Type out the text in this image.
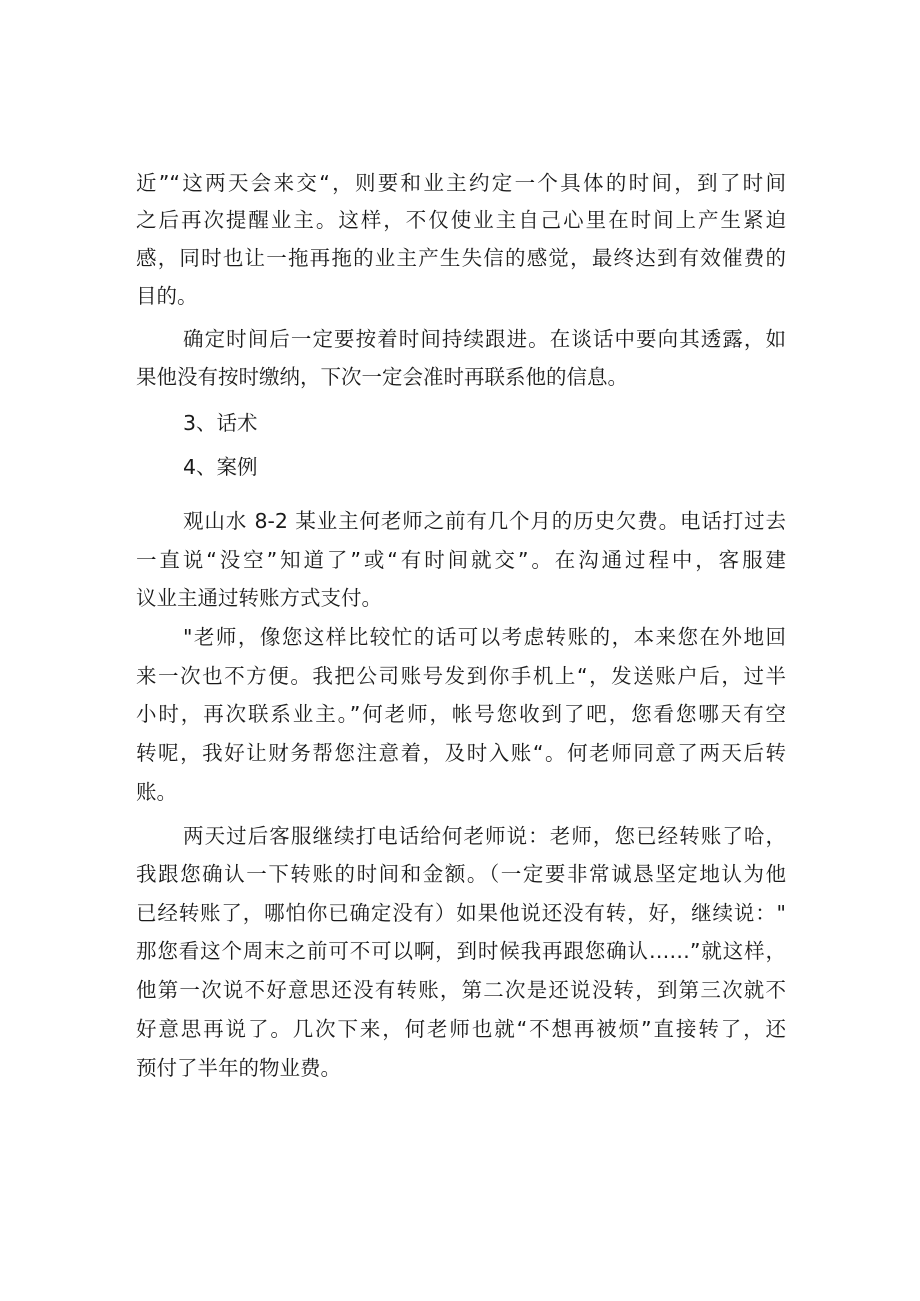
近”“这两天会来交“，则要和业主约定一个具体的时间，到了时间
之后再次提醒业主。这样，不仅使业主自己心里在时间上产生紧迫
感，同时也让一拖再拖的业主产生失信的感觉，最终达到有效催费的
目的。
确定时间后一定要按着时间持续跟进。在谈话中要向其透露，如
果他没有按时缴纳，下次一定会准时再联系他的信息。
3、话术
4、案例
观山水 8-2 某业主何老师之前有几个月的历史欠费。电话打过去
一直说“没空”知道了”或“有时间就交”。在沟通过程中，客服建
议业主通过转账方式支付。
"老师，像您这样比较忙的话可以考虑转账的，本来您在外地回
来一次也不方便。我把公司账号发到你手机上“，发送账户后，过半
小时，再次联系业主。”何老师，帐号您收到了吧，您看您哪天有空
转呢，我好让财务帮您注意着，及时入账“。何老师同意了两天后转
账。
两天过后客服继续打电话给何老师说：老师，您已经转账了哈，
我跟您确认一下转账的时间和金额。（一定要非常诚恳坚定地认为他
已经转账了，哪怕你已确定没有）如果他说还没有转，好，继续说："
那您看这个周末之前可不可以啊，到时候我再跟您确认……”就这样，
他第一次说不好意思还没有转账，第二次是还说没转，到第三次就不
好意思再说了。几次下来，何老师也就“不想再被烦”直接转了，还
预付了半年的物业费。
